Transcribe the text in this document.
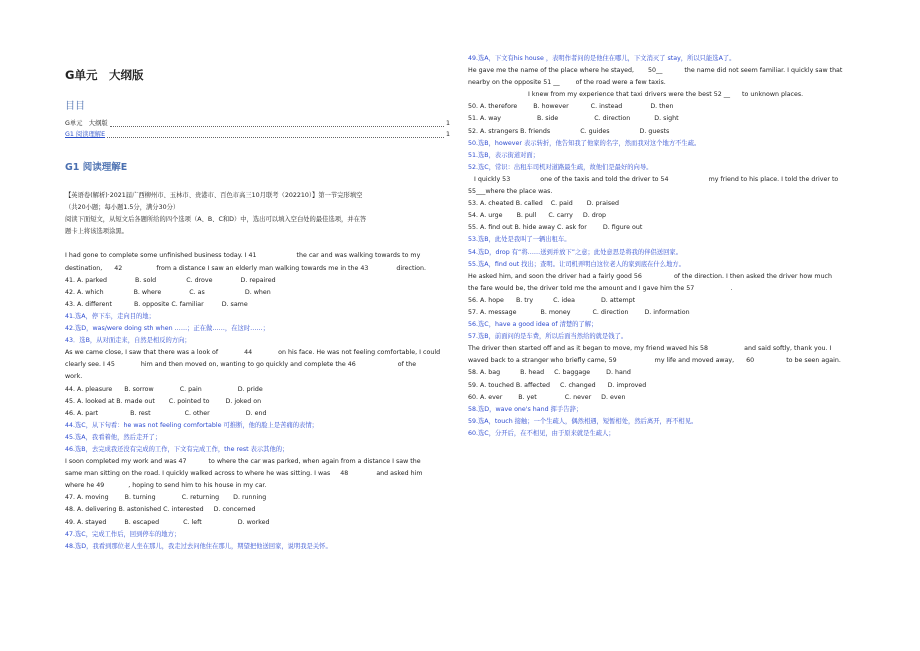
G单元　大纲版
目目
G单元　大纲版	1
G1 阅读理解E	1
G1 阅读理解E
【英语卷(解析)·2021届广西柳州市、玉林市、贵港市、百色市高三10月联考（202210）】第一节完形填空
（共20小题；每小题1.5分，满分30分）
阅读下面短文，从短文后各题所给的四个选项（A、B、C和D）中，选出可以填入空白处的最佳选项，并在答
题卡上将该选项涂黑。

I had gone to complete some unfinished business today. I 41                    the car and was walking towards to my
destination,      42                 from a distance I saw an elderly man walking towards me in the 43              direction.
41. A. parked              B. sold               C. drove              D. repaired
42. A. which               B. where              C. as                    D. when
43. A. different           B. opposite C. familiar         D. same
41.选A，停下车，走向目的地；
42.选D，was/were doing sth when ……；正在做……，在这时……；
43．选B，从对面走来，自然是相反的方向；
As we came close, I saw that there was a look of             44             on his face. He was not feeling comfortable, I could
clearly see. I 45             him and then moved on, wanting to go quickly and complete the 46                     of the
work.
44. A. pleasure      B. sorrow             C. pain                  D. pride
45. A. looked at B. made out       C. pointed to        D. joked on
46. A. part                B. rest                 C. other                  D. end
44.选C，从下句看：he was not feeling comfortable 可推断，他的脸上是苦痛的表情；
45.选A，我看着他，然后走开了；
46.选B，去完成我还没有完成的工作，下文有完成工作，the rest 表示其他的；
I soon completed my work and was 47           to where the car was parked, when again from a distance I saw the
same man sitting on the road. I quickly walked across to where he was sitting. I was     48              and asked him
where he 49            , hoping to send him to his house in my car.
47. A. moving        B. turning             C. returning       D. running
48. A. delivering B. astonished C. interested     D. concerned
49. A. stayed         B. escaped            C. left                  D. worked
47.选C，完成工作后，回到停车的地方；
48.选D，我看到那位老人坐在那儿，我走过去问他住在那儿，期望把他送回家，说明我是关怀。
49.选A，下文有his house ，表明作者问的是他住在哪儿，下文消灭了 stay，所以只能选A了。
He gave me the name of the place where he stayed,       50__           the name did not seem familiar. I quickly saw that
nearby on the opposite 51 __        of the road were a few taxis.
I knew from my experience that taxi drivers were the best 52 __      to unknown places.
50. A. therefore        B. however           C. instead              D. then
51. A. way                  B. side                  C. direction            D. sight
52. A. strangers B. friends               C. guides               D. guests
50.选B，however 表示转折，他告知我了他家的名字，然而我对这个地方不生疏。
51.选B，表示街道对面；
52.选C，常识：出租车司机对道路最生疏，故他们是最好的向导。
I quickly 53               one of the taxis and told the driver to 54                    my friend to his place. I told the driver to
55___where the place was.
53. A. cheated B. called    C. paid       D. praised
54. A. urge       B. pull      C. carry     D. drop
55. A. find out B. hide away C. ask for        D. figure out
53.选B，此处是我叫了一辆出租车。
54.选D，drop 有“将……送到并放下”之意；此处意思是将我的伴侣送回家。
55.选A，find out 找出；查明。让司机弄明白这位老人的家到底在什么地方。
He asked him, and soon the driver had a fairly good 56                of the direction. I then asked the driver how much
the fare would be, the driver told me the amount and I gave him the 57                  .
56. A. hope      B. try          C. idea             D. attempt
57. A. message            B. money           C. direction        D. information
56.选C，have a good idea of 清楚的了解；
57.选B，前面问的是车费，所以后面当然给的就是钱了。
The driver then started off and as it began to move, my friend waved his 58                  and said softly, thank you. I
waved back to a stranger who briefly came, 59                   my life and moved away,      60                to be seen again.
58. A. bag          B. head     C. baggage        D. hand
59. A. touched B. affected     C. changed      D. improved
60. A. ever        B. yet              C. never     D. even
58.选D，wave one's hand 挥手告辞；
59.选A，touch 接触；一个生疏人，偶然相遇，短暂相处，然后离开，再不相见。
60.选C，分开后，在不相见，由于原来就是生疏人；
